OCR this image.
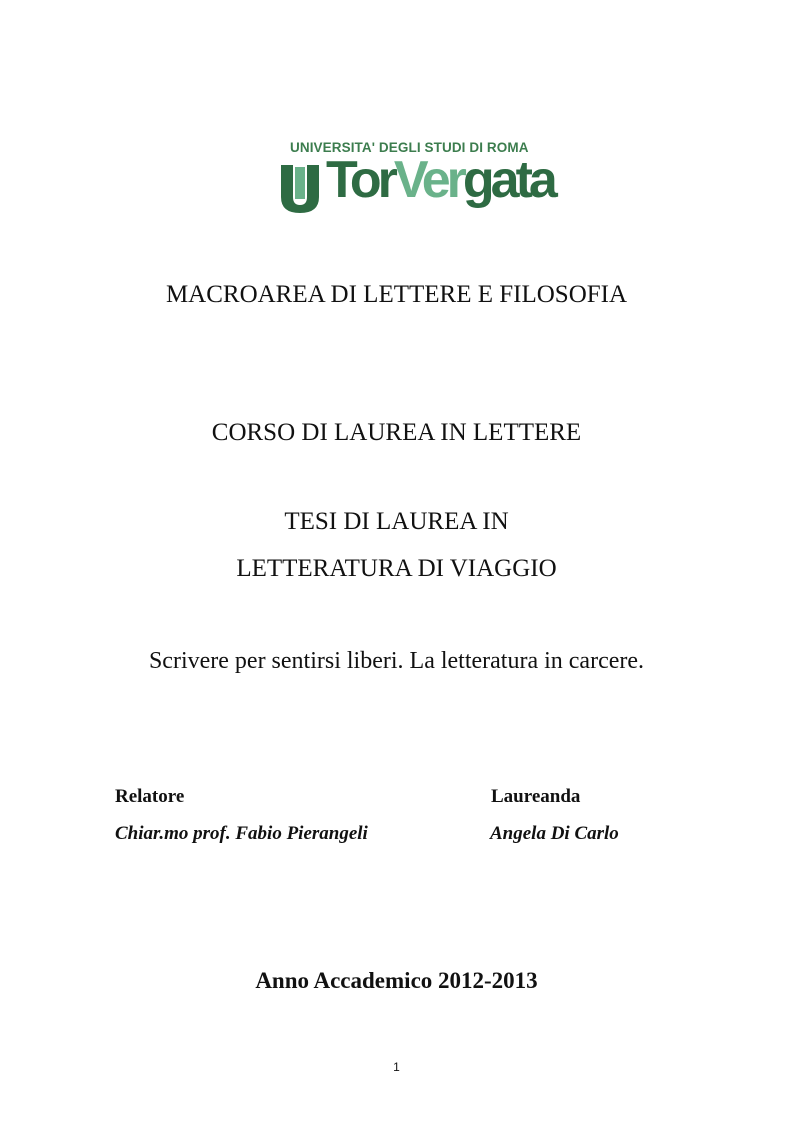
UNIVERSITA' DEGLI STUDI DI ROMA
TorVergata
MACROAREA DI LETTERE E FILOSOFIA
CORSO DI LAUREA IN LETTERE
TESI DI LAUREA IN
LETTERATURA DI VIAGGIO
Scrivere per sentirsi liberi. La letteratura in carcere.
Relatore
Chiar.mo prof. Fabio Pierangeli
Laureanda
Angela Di Carlo
Anno Accademico 2012-2013
1
